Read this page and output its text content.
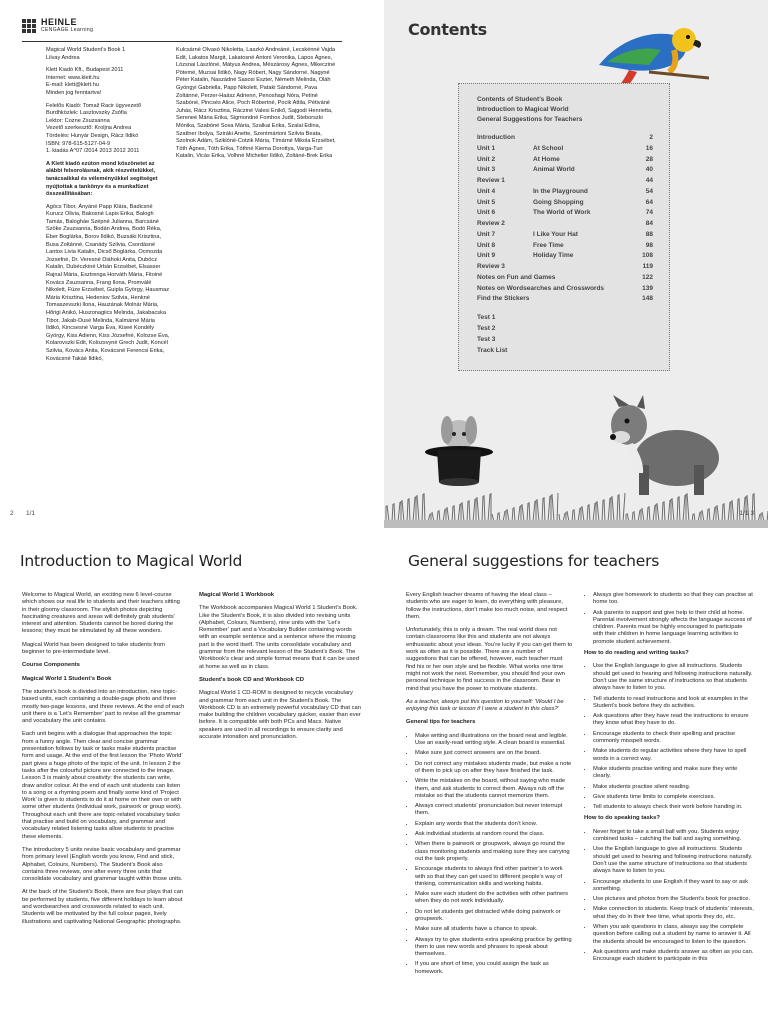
HEINLE
CENGAGE Learning

Magical World Student’s Book 1
Lilvay Andrea

Klett Kiadó Kft., Budapest 2011
Internet: www.klett.hu
E-mail: klett@klett.hu
Minden jog fenntartva!

Felelős Kiadó: Tomaž Racir ügyvezető
Burdhközlek: Laszlovszky Zsófia
Lektor: Cozne Zsuzsanna
Vezető szerkesztő: Kroljna Andrea
Tördelés: Hunyár Design, Rácz Ildikó
ISBN: 978-615-5127-04-9
1. kiadás A^07 /2014 2013 2012 2011

A Klett kiadó ezúton mond köszönetet az alábbi felsorolásnak, akik részvételükkel, tanácsaikkal és véleményükkel segítséget nyújtottak a tankönyv és a munkafüzet összeállításában:

Agócs Tibor, Ányáné Papp Klára, Badicsné Kurucz Olivia, Bakosné Lapis Erika, Balogh Tamás, Balogháe Szépné Julianna, Barcsáné Szöke Zsuzsanna, Bodán Andrea, Bodó Réka, Éber Boglárka, Borov Ildikó, Buzsáki Krisztina, Busa Zoltánné, Csanády Szilvia, Csordásné Lantos Livia Katalin, Dicső Boglárka, Ocmozda Jozsefné, Dr. Veresné Diáhoki Anita, Dubócz Katalin, Dubéczkiné Urbán Erzsébet, Elsasser Rajnal Mária, Esztrenga Horváth Mária, Fitoiné Kovács Zsuzsanna, Frang Ilona, Promválé Nikolett, Füze Erzsébet, Guipla György, Hausmaz Mária Krisztina, Hedeniov Szilvia, Henkné Tomaszevszki Ilona, Hauzának Molnár Mária, Hőrigi Anikó, Huszonagiics Melinda, Jakabacska Tibor, Jakab-Dusé Melinda, Kalmárné Mária Ildikó, Kincsesné Varga Éva, Kiseé Kondély György, Kiss Adienn, Kiss Józsefné, Kolozse Éva, Kolarovszki Edit, Kolozsvyné Grech Judit, Koncél Szilvia, Kovács Anita, Kovácsné Ferencsi Erika, Kovácsné Takáé Ildikó,

Kulcsárné Olvasó Nikoletta, Laszkó Andreáné, Lecskénné Vajda Edit, Lakatos Margit, Lakatosné Antoni Veronika, Lapos Ágnes, Lózsnai Lászlóné, Mátyus Andrea, Mészárosy Ágnes, Mikecziné Pötemé, Muzsai Ildikó, Nagy Róbert, Nagy Sándorné, Nagyné Péter Katalin, Naszádné Sasosi Eszter, Németh Melinda, Oláh Gyöngyi Gabriella, Papp Nikolett, Pataki Sándorné, Pava Zoltánné, Perzer-Haász Adrienn, Penoshagi Nóra, Petiné Szabóné, Pincsés Alice, Poch Róbertné, Pocik Attila, Pétiváné Juhás, Rácz Krisztina, Rácziné Valesi Enikő, Sajgodi Henrietta, Sereneé Mária Erika, Sigmondné Fomhos Judit, Steborszki Mónika, Szabóné Sosa Mária, Szalkai Erika, Szalai Edina, Szatlner Ibolya, Sziráki Anette, Szentmártoni Szilvia Beata, Szolnok Adám, Sziklóné-Cotzik Mária, Tímárné Mikola Erzsébet, Tóth Ágnes, Tóth Erika, Tóthné Kiema Dorottya, Varga-Turi Katalin, Vicás Erika, Volhné Michelier Ildikó, Zoltáné-Brek Erika

2 1/1
Contents
Contents of Student’s Book
Introduction to Magical World
General Suggestions for Teachers
Introduction	2
Unit 1	At School	16
Unit 2	At Home	28
Unit 3	Animal World	40
Review 1	44
Unit 4	In the Playground	54
Unit 5	Going Shopping	64
Unit 6	The World of Work	74
Review 2	84
Unit 7	I Like Your Hat	88
Unit 8	Free Time	98
Unit 9	Holiday Time	108
Review 3	119
Notes on Fun and Games	122
Notes on Wordsearches and Crosswords	139
Find the Stickers	148
Test 1
Test 2
Test 3
Track List
1/1 3
Introduction to Magical World

Welcome to Magical World, an exciting new 6 level-course which shows our real life to students and their teachers sitting in their gloomy classroom. The stylish photos depicting fascinating creatures and areas will definitely grab students’ interest and attention. Students cannot be bored during the lessons; they must be stimulated by all these wonders.

Magical World has been designed to take students from beginner to pre-intermediate level.

Course Components
Magical World 1 Student’s Book

The student’s book is divided into an introduction, nine topic-based units, each containing a double-page photo and three mostly two-page lessons, and three reviews. At the end of each unit there is a ‘Let’s Remember’ part to revise all the grammar and vocabulary the unit contains.

Each unit begins with a dialogue that approaches the topic from a funny angle. Then clear and concise grammar presentation follows by task or tasks make students practise form and usage. At the end of the first lesson the ‘Photo World’ part gives a huge photo of the topic of the unit. In lesson 2 the tasks after the colourful picture are connected to the image. Lesson 3 is mainly about creativity: the students can write, draw and/or colour. At the end of each unit students can listen to a song or a rhyming poem and finally some kind of ‘Project Work’ is given to students to do it at home on their own or with some other students (individual work, pairwork or group work). Throughout each unit there are topic-related vocabulary tasks that practise and build on vocabulary, and grammar and vocabulary related listening tasks allow students to practise these elements.

The introductory 5 units revise basic vocabulary and grammar from primary level (English words you know, Find and stick, Alphabet, Colours, Numbers). The Student’s Book also contains three reviews, one after every three units that consolidate vocabulary and grammar taught within those units.

At the back of the Student’s Book, there are four plays that can be performed by students, five different holidays to learn about and wordsearches and crosswords related to each unit. Students will be motivated by the full colour pages, lively illustrations and captivating National Geographic photographs.

Magical World 1 Workbook

The Workbook accompanies Magical World 1 Student’s Book. Like the Student’s Book, it is also divided into revising units (Alphabet, Colours, Numbers), nine units with the ‘Let’s Remember’ part and a Vocabulary Builder containing words with an example sentence and a sentence where the missing part is the word itself. The units consolidate vocabulary and grammar from the relevant lesson of the Student’s Book. The Workbook’s clear and simple format means that it can be used at home as well as in class.

Student’s book CD and Workbook CD

Magical World 1 CD-ROM is designed to recycle vocabulary and grammar from each unit in the Student’s Book. The Workbook CD is an extremely powerful vocabulary CD that can make building the children vocabulary quicker, easier than ever before. It is compatible with both PCs and Macs. Native speakers are used in all recordings to ensure clarity and accurate intonation and pronunciation.

General suggestions for teachers

Every English teacher dreams of having the ideal class – students who are eager to learn, do everything with pleasure, follow the instructions, don’t make too much noise, and respect them.

Unfortunately, this is only a dream. The real world does not contain classrooms like this and students are not always enthusiastic about your ideas. You’re lucky if you can get them to work as often as it is possible. There are a number of suggestions that can be offered, however, each teacher must find his or her own style and be flexible. What works one time might not work the next. Remember, you should find your own personal technique to find success in the classroom. Bear in mind that you have the power to motivate students.

As a teacher, always put this question to yourself: ‘Would I be enjoying this task or lesson if I were a student in this class?’

General tips for teachers
• Make writing and illustrations on the board neat and legible. Use an easily-read writing style. A clean board is essential.
• Make sure just correct answers are on the board.
• Do not correct any mistakes students made, but make a note of them to pick up on after they have finished the task.
• Write the mistakes on the board, without saying who made them, and ask students to correct them. Always rub off the mistake so that the students cannot memorize them.
• Always correct students’ pronunciation but never interrupt them.
• Explain any words that the students don’t know.
• Ask individual students at random round the class.
• When there is pairwork or groupwork, always go round the class monitoring students and making sure they are carrying out the task properly.
• Encourage students to always find other partner’s to work with so that they can get used to different people’s way of thinking, communication skills and working habits.
• Make sure each student do the activities with other partners when they do not work individually.
• Do not let students get distracted while doing pairwork or groupwork.
• Make sure all students have a chance to speak.
• Always try to give students extra speaking practice by getting them to use new words and phrases to speak about themselves.
• If you are short of time, you could assign the task as homework.
• Always give homework to students so that they can practise at home too.
• Ask parents to support and give help to their child at home. Parental involvement strongly affects the language success of children. Parents must be highly encouraged to participate with their children in home language learning activities to promote student achievement.
How to do reading and writing tasks?
• Use the English language to give all instructions. Students should get used to hearing and following instructions naturally. Don’t use the same structure of instructions so that students always have to listen to you.
• Tell students to read instructions and look at examples in the Student’s book before they do activities.
• Ask questions after they have read the instructions to ensure they know what they have to do.
• Encourage students to check their spelling and practise commonly misspelt words.
• Make students do regular activities where they have to spell words in a correct way.
• Make students practise writing and make sure they write clearly.
• Make students practise silent reading.
• Give students time limits to complete exercises.
• Tell students to always check their work before handing in.
How to do speaking tasks?
• Never forget to take a small ball with you. Students enjoy combined tasks – catching the ball and saying something.
• Use the English language to give all instructions. Students should get used to hearing and following instructions naturally. Don’t use the same structure of instructions so that students always have to listen to you.
• Encourage students to use English if they want to say or ask something.
• Use pictures and photos from the Student’s book for practice.
• Make connection to students. Keep track of students’ interests, what they do in their free time, what sports they do, etc.
• When you ask questions in class, always say the complete question before calling out a student by name to answer it. All the students should be encouraged to listen to the question.
• Ask questions and make students answer as often as you can. Encourage each student to participate in this
